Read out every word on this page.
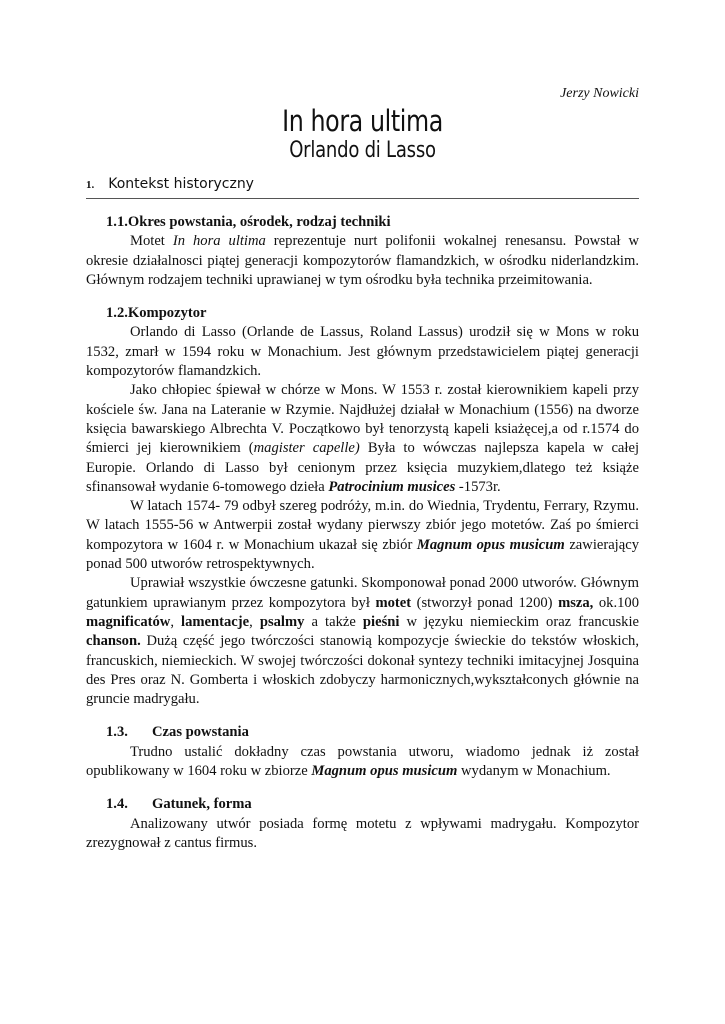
Jerzy Nowicki
In hora ultima
Orlando di Lasso
1. Kontekst historyczny
1.1.Okres powstania, ośrodek, rodzaj techniki

Motet In hora ultima reprezentuje nurt polifonii wokalnej renesansu. Powstał w okresie działalnosci piątej generacji kompozytorów flamandzkich, w ośrodku niderlandzkim. Głównym rodzajem techniki uprawianej w tym ośrodku była technika przeimitowania.

1.2.Kompozytor

Orlando di Lasso (Orlande de Lassus, Roland Lassus) urodził się w Mons w roku 1532, zmarł w 1594 roku w Monachium. Jest głównym przedstawicielem piątej generacji kompozytorów flamandzkich.

Jako chłopiec śpiewał w chórze w Mons. W 1553 r. został kierownikiem kapeli przy kościele św. Jana na Lateranie w Rzymie. Najdłużej działał w Monachium (1556) na dworze księcia bawarskiego Albrechta V. Początkowo był tenorzystą kapeli ksiażęcej,a od r.1574 do śmierci jej kierownikiem (magister capelle) Była to wówczas najlepsza kapela w całej Europie. Orlando di Lasso był cenionym przez księcia muzykiem,dlatego też książe sfinansował wydanie 6-tomowego dzieła Patrocinium musices -1573r.

W latach 1574- 79 odbył szereg podróży, m.in. do Wiednia, Trydentu, Ferrary, Rzymu. W latach 1555-56 w Antwerpii został wydany pierwszy zbiór jego motetów. Zaś po śmierci kompozytora w 1604 r. w Monachium ukazał się zbiór Magnum opus musicum zawierający ponad 500 utworów retrospektywnych.

Uprawiał wszystkie ówczesne gatunki. Skomponował ponad 2000 utworów. Głównym gatunkiem uprawianym przez kompozytora był motet (stworzył ponad 1200) msza, ok.100 magnificatów, lamentacje, psalmy a także pieśni w języku niemieckim oraz francuskie chanson. Dużą część jego twórczości stanowią kompozycje świeckie do tekstów włoskich, francuskich, niemieckich. W swojej twórczości dokonał syntezy techniki imitacyjnej Josquina des Pres oraz N. Gomberta i włoskich zdobyczy harmonicznych,wykształconych głównie na gruncie madrygału.

1.3. Czas powstania

Trudno ustalić dokładny czas powstania utworu, wiadomo jednak iż został opublikowany w 1604 roku w zbiorze Magnum opus musicum wydanym w Monachium.

1.4. Gatunek, forma

Analizowany utwór posiada formę motetu z wpływami madrygału. Kompozytor zrezygnował z cantus firmus.
